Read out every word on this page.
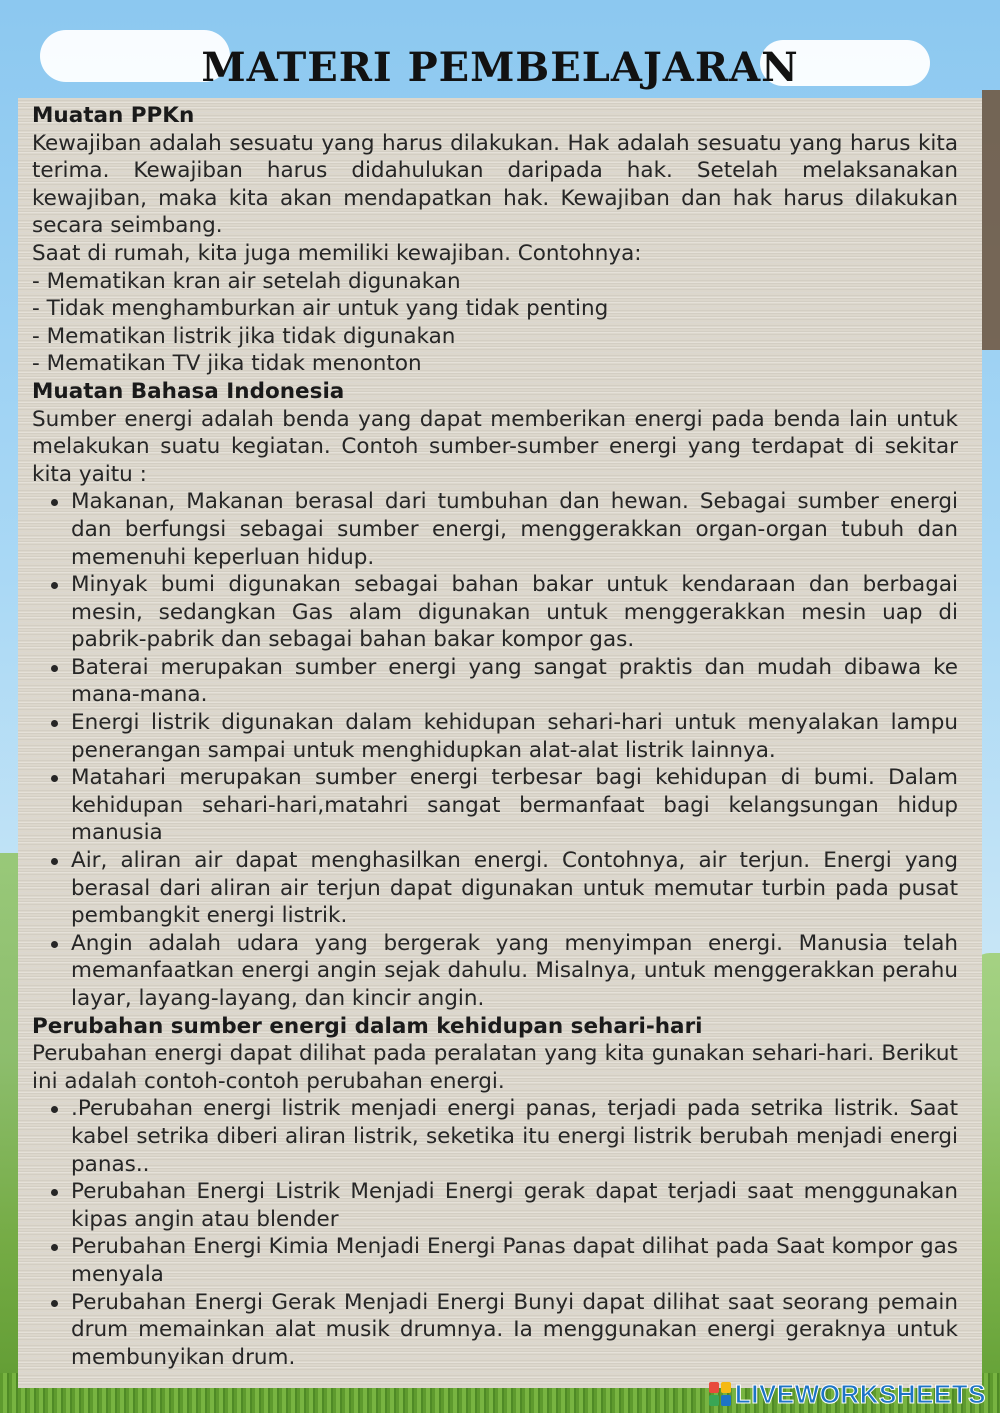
MATERI PEMBELAJARAN

Muatan PPKn

Kewajiban adalah sesuatu yang harus dilakukan. Hak adalah sesuatu yang harus kita terima. Kewajiban harus didahulukan daripada hak. Setelah melaksanakan kewajiban, maka kita akan mendapatkan hak. Kewajiban dan hak harus dilakukan secara seimbang.

Saat di rumah, kita juga memiliki kewajiban. Contohnya:

- Mematikan kran air setelah digunakan

- Tidak menghamburkan air untuk yang tidak penting

- Mematikan listrik jika tidak digunakan

- Mematikan TV jika tidak menonton

Muatan Bahasa Indonesia

Sumber energi adalah benda yang dapat memberikan energi pada benda lain untuk melakukan suatu kegiatan. Contoh sumber-sumber energi yang terdapat di sekitar kita yaitu :

Makanan, Makanan berasal dari tumbuhan dan hewan. Sebagai sumber energi dan berfungsi sebagai sumber energi, menggerakkan organ-organ tubuh dan memenuhi keperluan hidup.
Minyak bumi digunakan sebagai bahan bakar untuk kendaraan dan berbagai mesin, sedangkan Gas alam digunakan untuk menggerakkan mesin uap di pabrik-pabrik dan sebagai bahan bakar kompor gas.
Baterai merupakan sumber energi yang sangat praktis dan mudah dibawa ke mana-mana.
Energi listrik digunakan dalam kehidupan sehari-hari untuk menyalakan lampu penerangan sampai untuk menghidupkan alat-alat listrik lainnya.
Matahari merupakan sumber energi terbesar bagi kehidupan di bumi. Dalam kehidupan sehari-hari,matahri sangat bermanfaat bagi kelangsungan hidup manusia
Air, aliran air dapat menghasilkan energi. Contohnya, air terjun. Energi yang berasal dari aliran air terjun dapat digunakan untuk memutar turbin pada pusat pembangkit energi listrik.
Angin adalah udara yang bergerak yang menyimpan energi. Manusia telah memanfaatkan energi angin sejak dahulu. Misalnya, untuk menggerakkan perahu layar, layang-layang, dan kincir angin.

Perubahan sumber energi dalam kehidupan sehari-hari

Perubahan energi dapat dilihat pada peralatan yang kita gunakan sehari-hari. Berikut ini adalah contoh-contoh perubahan energi.

.Perubahan energi listrik menjadi energi panas, terjadi pada setrika listrik. Saat kabel setrika diberi aliran listrik, seketika itu energi listrik berubah menjadi energi panas..
Perubahan Energi Listrik Menjadi Energi gerak dapat terjadi saat menggunakan kipas angin atau blender
Perubahan Energi Kimia Menjadi Energi Panas dapat dilihat pada Saat kompor gas menyala
Perubahan Energi Gerak Menjadi Energi Bunyi dapat dilihat saat seorang pemain drum memainkan alat musik drumnya. Ia menggunakan energi geraknya untuk membunyikan drum.
LIVEWORKSHEETS
